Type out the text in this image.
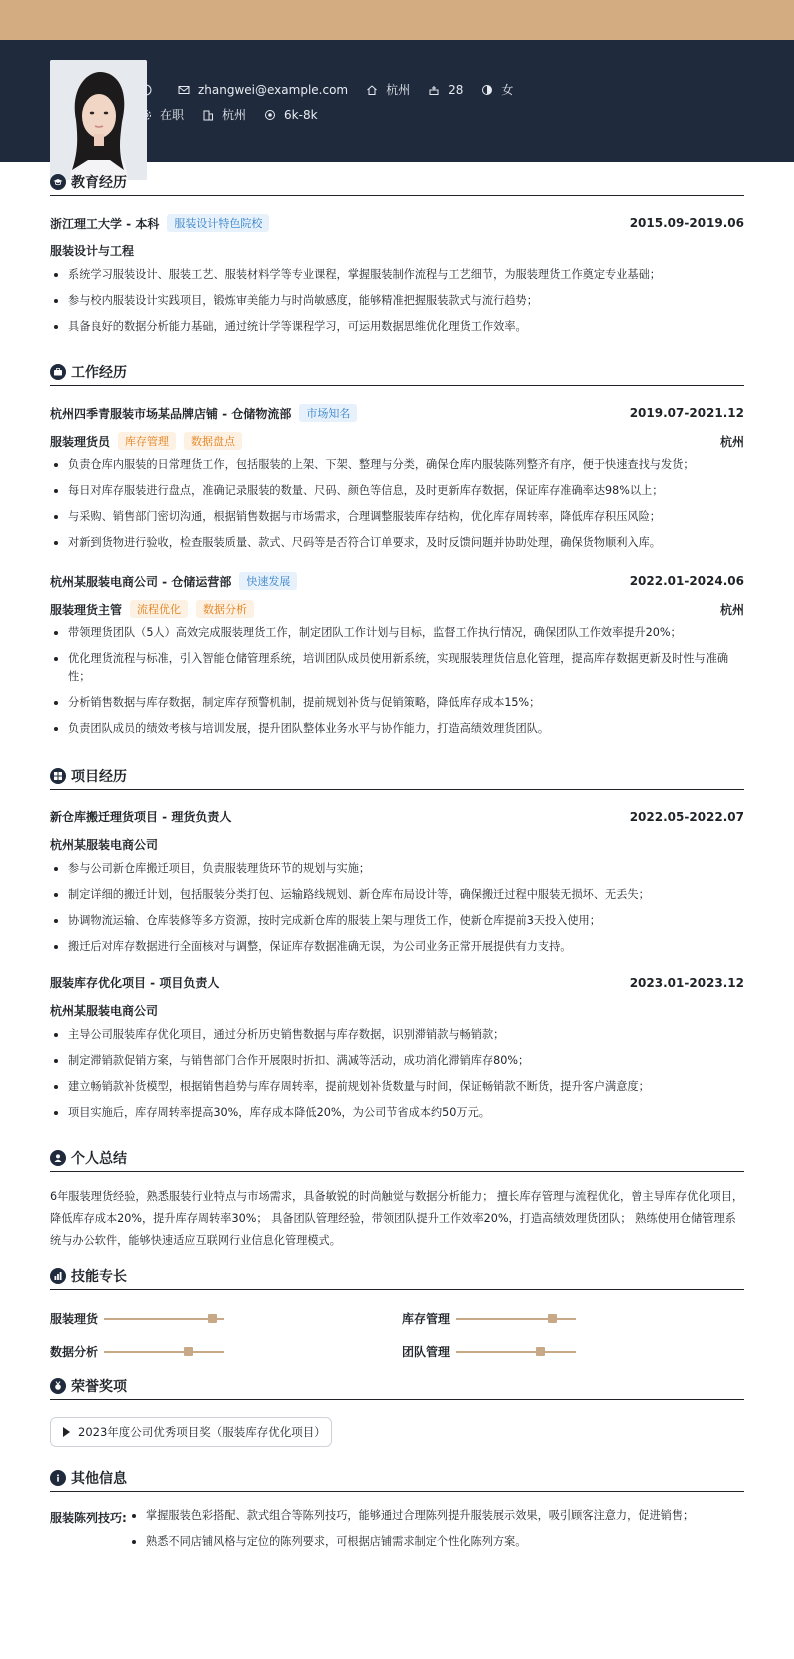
zhangwei@example.com	杭州	28	女
在职	杭州	6k-8k
教育经历
浙江理工大学 - 本科	服装设计特色院校	2015.09-2019.06
服装设计与工程
系统学习服装设计、服装工艺、服装材料学等专业课程，掌握服装制作流程与工艺细节，为服装理货工作奠定专业基础；
参与校内服装设计实践项目，锻炼审美能力与时尚敏感度，能够精准把握服装款式与流行趋势；
具备良好的数据分析能力基础，通过统计学等课程学习，可运用数据思维优化理货工作效率。
工作经历
杭州四季青服装市场某品牌店铺 - 仓储物流部	市场知名	2019.07-2021.12
服装理货员	库存管理	数据盘点	杭州
负责仓库内服装的日常理货工作，包括服装的上架、下架、整理与分类，确保仓库内服装陈列整齐有序，便于快速查找与发货；
每日对库存服装进行盘点，准确记录服装的数量、尺码、颜色等信息，及时更新库存数据，保证库存准确率达98%以上；
与采购、销售部门密切沟通，根据销售数据与市场需求，合理调整服装库存结构，优化库存周转率，降低库存积压风险；
对新到货物进行验收，检查服装质量、款式、尺码等是否符合订单要求，及时反馈问题并协助处理，确保货物顺利入库。
杭州某服装电商公司 - 仓储运营部	快速发展	2022.01-2024.06
服装理货主管	流程优化	数据分析	杭州
带领理货团队（5人）高效完成服装理货工作，制定团队工作计划与目标，监督工作执行情况，确保团队工作效率提升20%；
优化理货流程与标准，引入智能仓储管理系统，培训团队成员使用新系统，实现服装理货信息化管理，提高库存数据更新及时性与准确性；
分析销售数据与库存数据，制定库存预警机制，提前规划补货与促销策略，降低库存成本15%；
负责团队成员的绩效考核与培训发展，提升团队整体业务水平与协作能力，打造高绩效理货团队。
项目经历
新仓库搬迁理货项目 - 理货负责人	2022.05-2022.07
杭州某服装电商公司
参与公司新仓库搬迁项目，负责服装理货环节的规划与实施；
制定详细的搬迁计划，包括服装分类打包、运输路线规划、新仓库布局设计等，确保搬迁过程中服装无损坏、无丢失；
协调物流运输、仓库装修等多方资源，按时完成新仓库的服装上架与理货工作，使新仓库提前3天投入使用；
搬迁后对库存数据进行全面核对与调整，保证库存数据准确无误，为公司业务正常开展提供有力支持。
服装库存优化项目 - 项目负责人	2023.01-2023.12
杭州某服装电商公司
主导公司服装库存优化项目，通过分析历史销售数据与库存数据，识别滞销款与畅销款；
制定滞销款促销方案，与销售部门合作开展限时折扣、满减等活动，成功消化滞销库存80%；
建立畅销款补货模型，根据销售趋势与库存周转率，提前规划补货数量与时间，保证畅销款不断货，提升客户满意度；
项目实施后，库存周转率提高30%，库存成本降低20%，为公司节省成本约50万元。
个人总结

6年服装理货经验，熟悉服装行业特点与市场需求，具备敏锐的时尚触觉与数据分析能力； 擅长库存管理与流程优化，曾主导库存优化项目，降低库存成本20%，提升库存周转率30%； 具备团队管理经验，带领团队提升工作效率20%，打造高绩效理货团队； 熟练使用仓储管理系统与办公软件，能够快速适应互联网行业信息化管理模式。

技能专长
服装理货	库存管理
数据分析	团队管理
荣誉奖项
2023年度公司优秀项目奖（服装库存优化项目）
其他信息
服装陈列技巧:	掌握服装色彩搭配、款式组合等陈列技巧，能够通过合理陈列提升服装展示效果，吸引顾客注意力，促进销售；
熟悉不同店铺风格与定位的陈列要求，可根据店铺需求制定个性化陈列方案。
